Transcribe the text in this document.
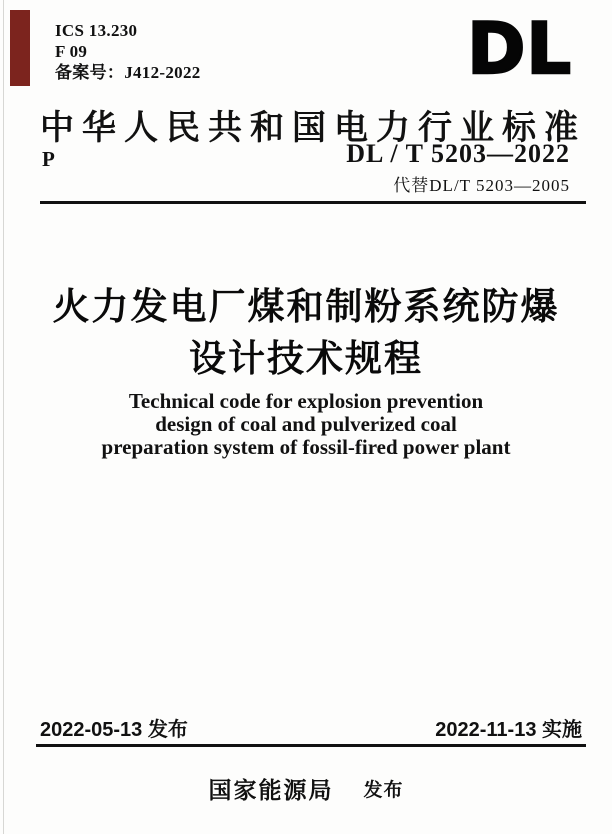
ICS 13.230
F 09
备案号：J412-2022	DL
中华人民共和国电力行业标准
P	DL / T 5203—2022
代替DL/T 5203—2005
火力发电厂煤和制粉系统防爆
设计技术规程
Technical code for explosion prevention
design of coal and pulverized coal
preparation system of fossil-fired power plant
2022-05-13 发布	2022-11-13 实施
国家能源局 发布
